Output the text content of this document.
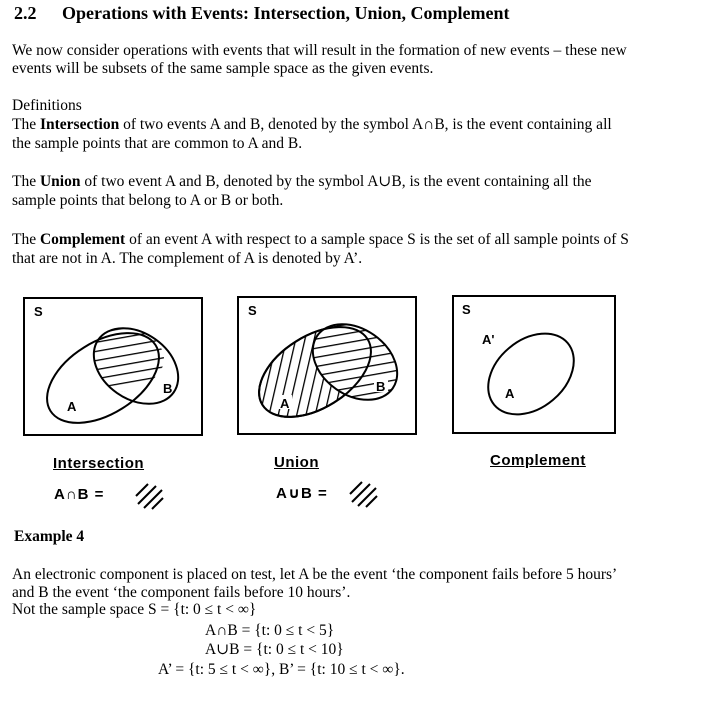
2.2 Operations with Events: Intersection, Union, Complement
We now consider operations with events that will result in the formation of new events – these new
events will be subsets of the same sample space as the given events.
Definitions
The Intersection of two events A and B, denoted by the symbol A∩B, is the event containing all
the sample points that are common to A and B.
The Union of two event A and B, denoted by the symbol A∪B, is the event containing all the
sample points that belong to A or B or both.
The Complement of an event A with respect to a sample space S is the set of all sample points of S
that are not in A. The complement of A is denoted by A’.
S
A
B
S
A
B
S
A'
A
Intersection	Union	Complement
A∩B =	A∪B =
Example 4
An electronic component is placed on test, let A be the event ‘the component fails before 5 hours’
and B the event ‘the component fails before 10 hours’.
Not the sample space S = {t: 0 ≤ t < ∞}
A∩B = {t: 0 ≤ t < 5}
A∪B = {t: 0 ≤ t < 10}
A’ = {t: 5 ≤ t < ∞}, B’ = {t: 10 ≤ t < ∞}.
